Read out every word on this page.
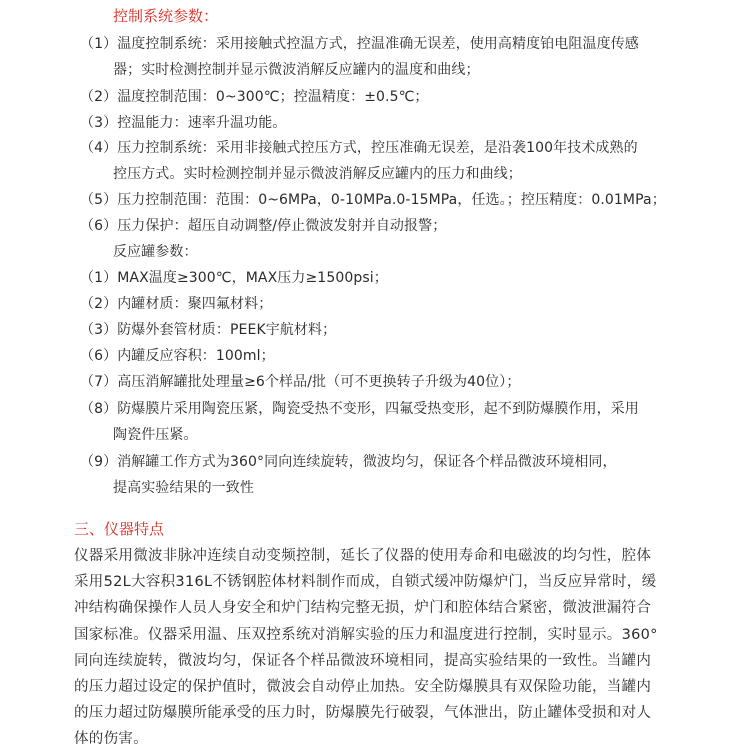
控制系统参数：
（1）温度控制系统：采用接触式控温方式，控温准确无误差，使用高精度铂电阻温度传感
器；实时检测控制并显示微波消解反应罐内的温度和曲线；
（2）温度控制范围：0~300℃；控温精度：±0.5℃；
（3）控温能力：速率升温功能。
（4）压力控制系统：采用非接触式控压方式，控压准确无误差，是沿袭100年技术成熟的
控压方式。实时检测控制并显示微波消解反应罐内的压力和曲线；
（5）压力控制范围：范围：0~6MPa，0-10MPa.0-15MPa，任选。；控压精度：0.01MPa；
（6）压力保护：超压自动调整/停止微波发射并自动报警；
反应罐参数：
（1）MAX温度≥300℃，MAX压力≥1500psi；
（2）内罐材质：聚四氟材料；
（3）防爆外套管材质：PEEK宇航材料；
（6）内罐反应容积：100ml；
（7）高压消解罐批处理量≥6个样品/批（可不更换转子升级为40位）；
（8）防爆膜片采用陶瓷压紧，陶瓷受热不变形，四氟受热变形，起不到防爆膜作用，采用
陶瓷件压紧。
（9）消解罐工作方式为360°同向连续旋转，微波均匀，保证各个样品微波环境相同，
提高实验结果的一致性
三、仪器特点
仪器采用微波非脉冲连续自动变频控制，延长了仪器的使用寿命和电磁波的均匀性，腔体
采用52L大容积316L不锈钢腔体材料制作而成，自锁式缓冲防爆炉门，当反应异常时，缓
冲结构确保操作人员人身安全和炉门结构完整无损，炉门和腔体结合紧密，微波泄漏符合
国家标准。仪器采用温、压双控系统对消解实验的压力和温度进行控制，实时显示。360°
同向连续旋转，微波均匀，保证各个样品微波环境相同，提高实验结果的一致性。当罐内
的压力超过设定的保护值时，微波会自动停止加热。安全防爆膜具有双保险功能，当罐内
的压力超过防爆膜所能承受的压力时，防爆膜先行破裂，气体泄出，防止罐体受损和对人
体的伤害。
